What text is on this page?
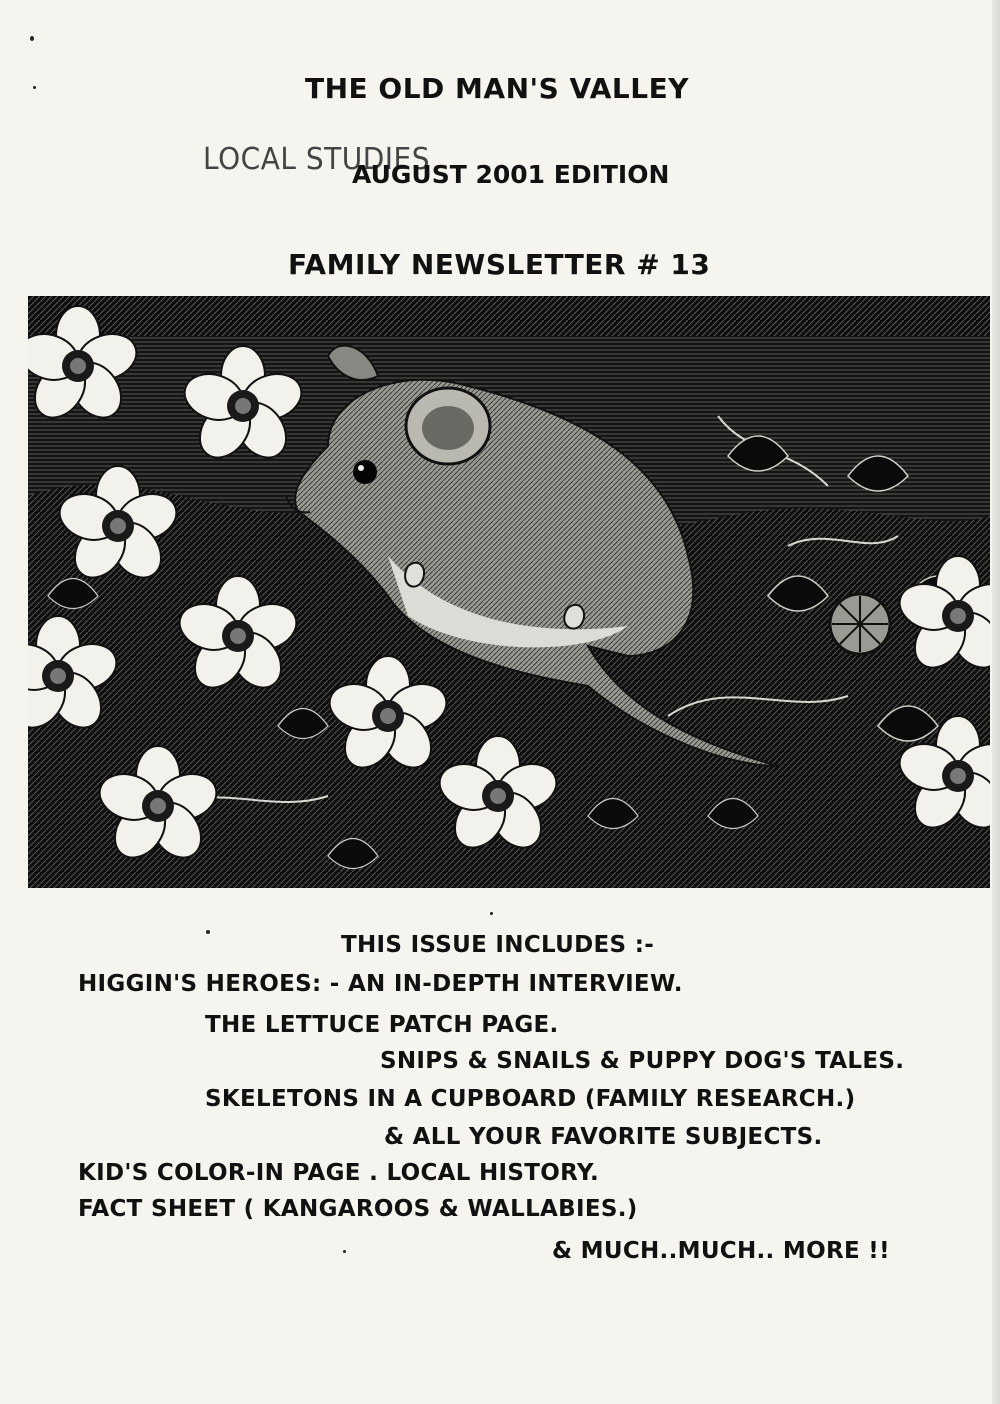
THE OLD MAN'S VALLEY
LOCAL STUDIES
AUGUST 2001 EDITION
FAMILY NEWSLETTER # 13
THIS ISSUE INCLUDES :-
HIGGIN'S HEROES: - AN IN-DEPTH INTERVIEW.
THE LETTUCE PATCH PAGE.
SNIPS & SNAILS & PUPPY DOG'S TALES.
SKELETONS IN A CUPBOARD (FAMILY RESEARCH.)
& ALL YOUR FAVORITE SUBJECTS.
KID'S COLOR-IN PAGE . LOCAL HISTORY.
FACT SHEET ( KANGAROOS & WALLABIES.)
& MUCH..MUCH.. MORE !!
